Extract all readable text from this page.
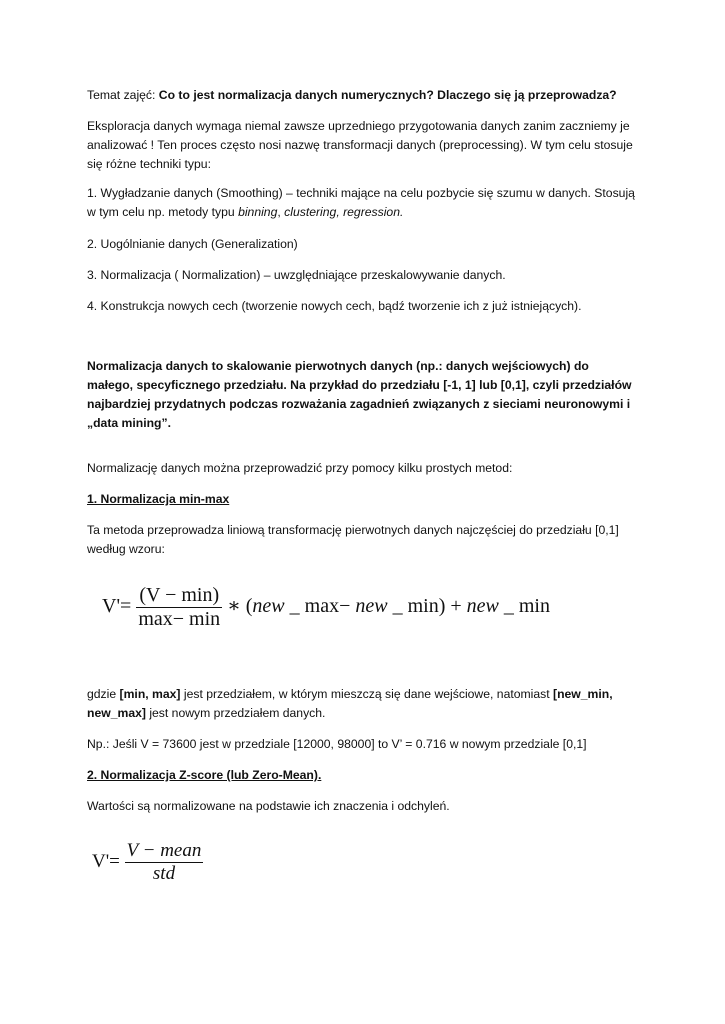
Temat zajęć: Co to jest normalizacja danych numerycznych? Dlaczego się ją przeprowadza?

Eksploracja danych wymaga niemal zawsze uprzedniego przygotowania danych zanim zaczniemy je analizować ! Ten proces często nosi nazwę transformacji danych (preprocessing). W tym celu stosuje się różne techniki typu:

1. Wygładzanie danych (Smoothing) – techniki mające na celu pozbycie się szumu w danych. Stosują w tym celu np. metody typu binning, clustering, regression.

2. Uogólnianie danych (Generalization)

3. Normalizacja ( Normalization) – uwzględniające przeskalowywanie danych.

4. Konstrukcja nowych cech (tworzenie nowych cech, bądź tworzenie ich z już istniejących).

Normalizacja danych to skalowanie pierwotnych danych (np.: danych wejściowych) do małego, specyficznego przedziału. Na przykład do przedziału [-1, 1] lub [0,1], czyli przedziałów najbardziej przydatnych podczas rozważania zagadnień związanych z sieciami neuronowymi i „data mining”.

Normalizację danych można przeprowadzić przy pomocy kilku prostych metod:

1. Normalizacja min-max

Ta metoda przeprowadza liniową transformację pierwotnych danych najczęściej do przedziału [0,1] według wzoru:

$V'= \frac{(V - \min)}{\max- \min}$ ∗ (new _ max− new _ min) + new _ min

gdzie [min, max] jest przedziałem, w którym mieszczą się dane wejściowe, natomiast [new_min, new_max] jest nowym przedziałem danych.

Np.: Jeśli V = 73600 jest w przedziale [12000, 98000] to V’ = 0.716 w nowym przedziale [0,1]

2. Normalizacja Z-score (lub Zero-Mean).

Wartości są normalizowane na podstawie ich znaczenia i odchyleń.

$V'= \frac{\text{V − mean}}{\text{std}}$
